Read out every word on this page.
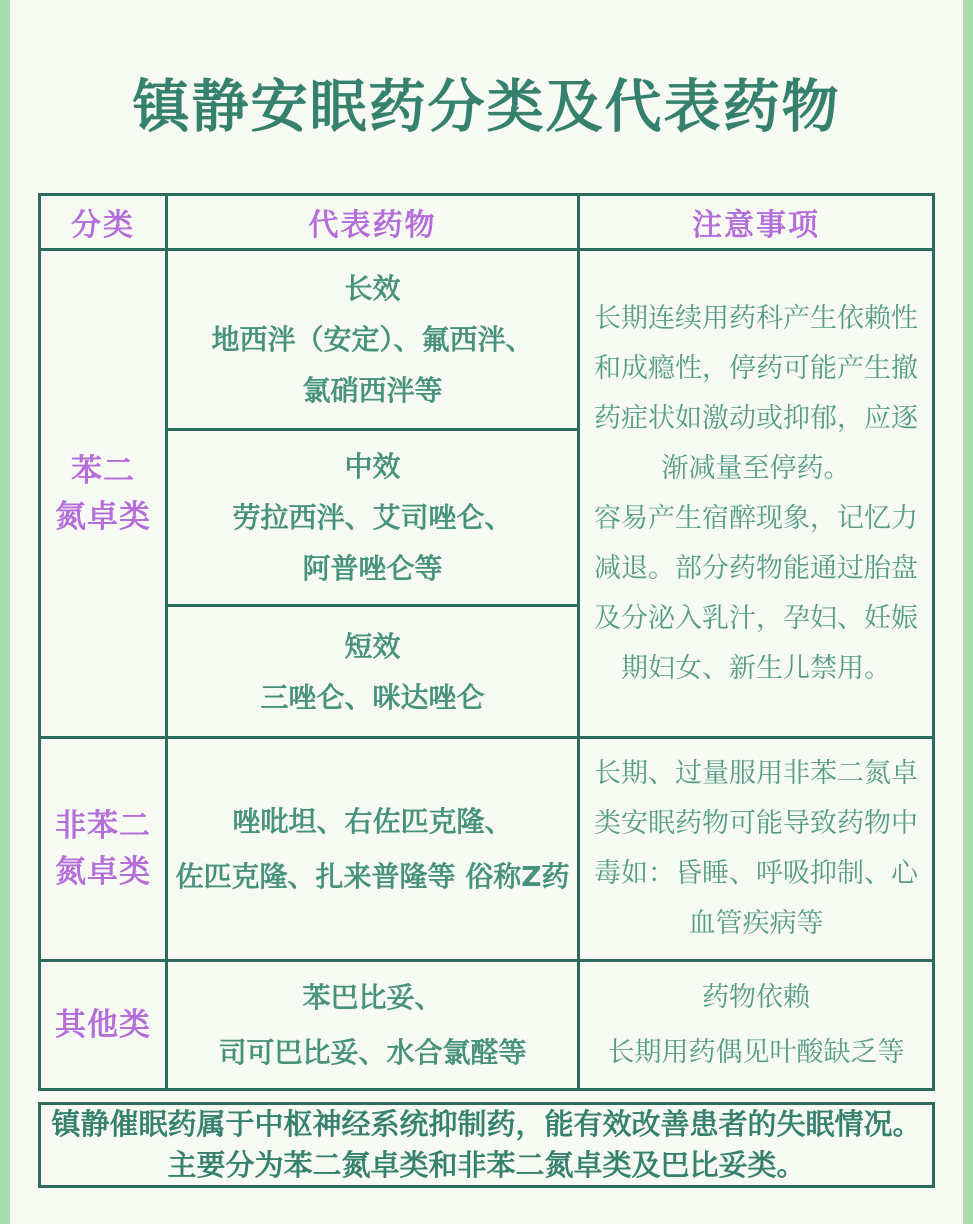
镇静安眠药分类及代表药物
分类	代表药物	注意事项
苯二
氮卓类
长效
地西泮（安定）、氟西泮、
氯硝西泮等
中效
劳拉西泮、艾司唑仑、
阿普唑仑等
短效
三唑仑、咪达唑仑
长期连续用药科产生依赖性
和成瘾性，停药可能产生撤
药症状如激动或抑郁，应逐
渐减量至停药。
容易产生宿醉现象，记忆力
减退。部分药物能通过胎盘
及分泌入乳汁，孕妇、妊娠
期妇女、新生儿禁用。
非苯二
氮卓类
唑吡坦、右佐匹克隆、
佐匹克隆、扎来普隆等 俗称Z药
长期、过量服用非苯二氮卓
类安眠药物可能导致药物中
毒如：昏睡、呼吸抑制、心
血管疾病等
其他类
苯巴比妥、
司可巴比妥、水合氯醛等
药物依赖
长期用药偶见叶酸缺乏等
镇静催眠药属于中枢神经系统抑制药，能有效改善患者的失眠情况。
主要分为苯二氮卓类和非苯二氮卓类及巴比妥类。
